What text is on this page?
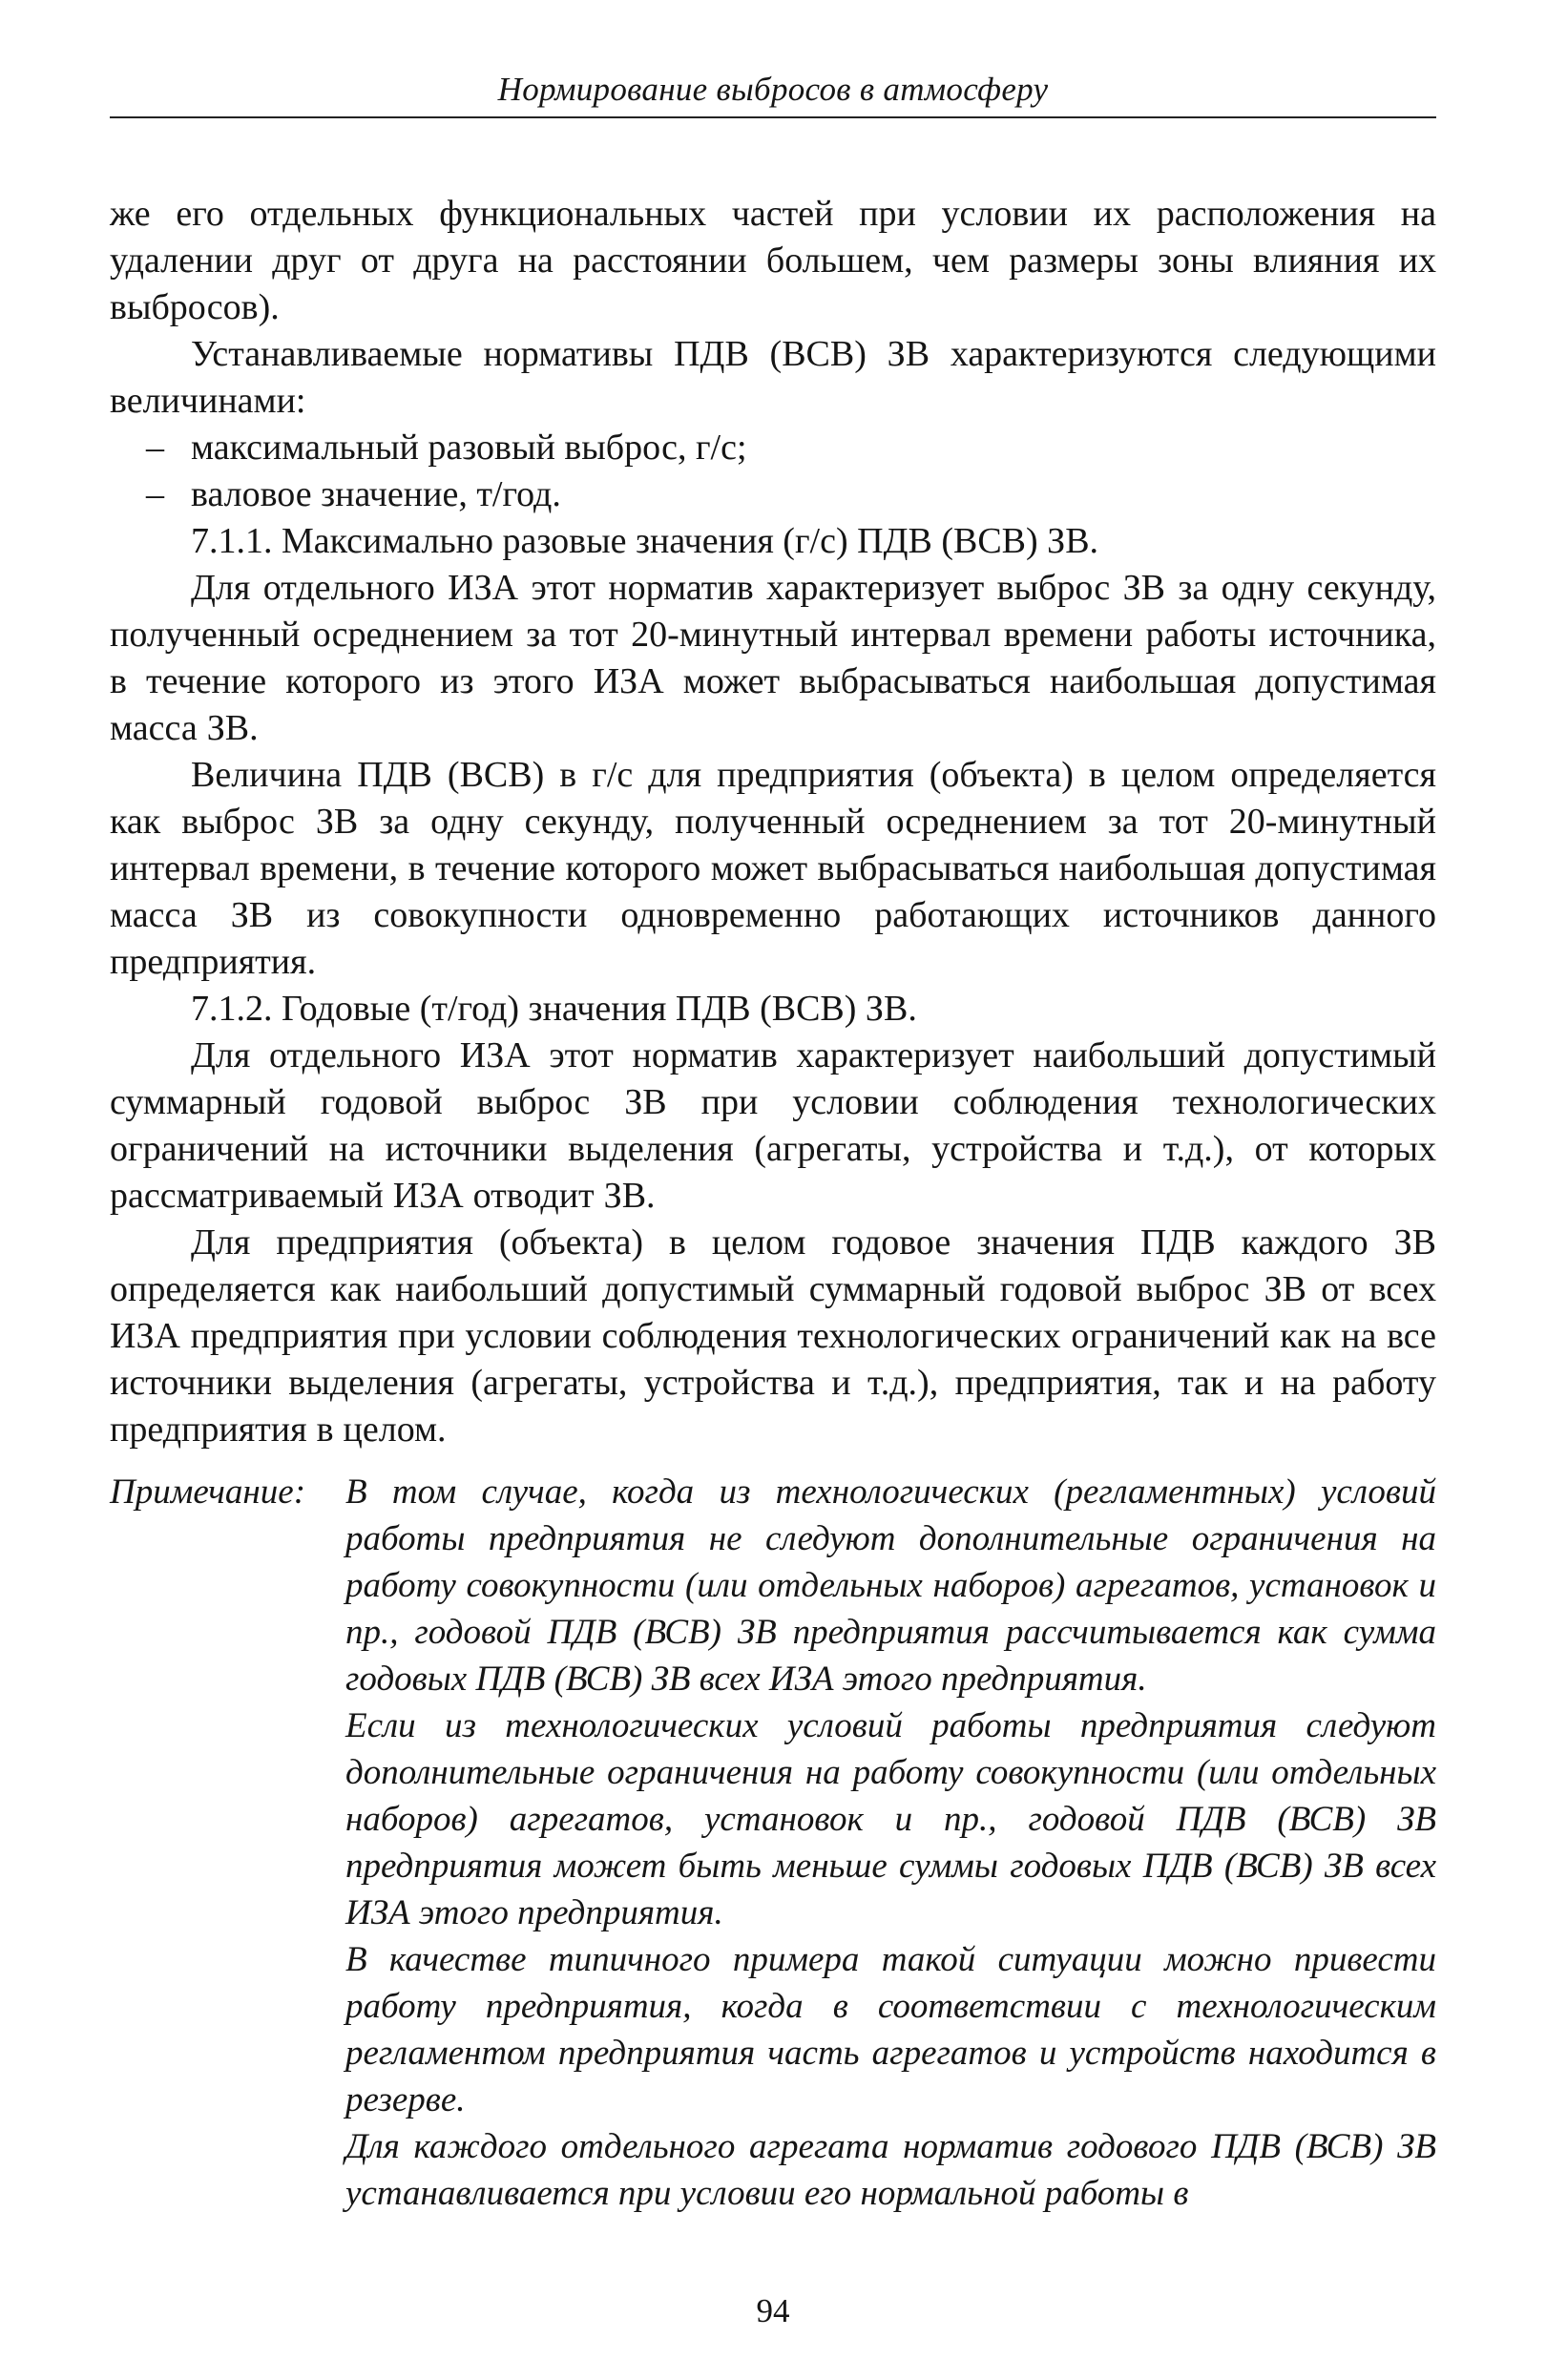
Нормирование выбросов в атмосферу

же его отдельных функциональных частей при условии их расположения на удалении друг от друга на расстоянии большем, чем размеры зоны влияния их выбросов).

Устанавливаемые нормативы ПДВ (ВСВ) ЗВ характеризуются следующими величинами:

– максимальный разовый выброс, г/с;

– валовое значение, т/год.

7.1.1. Максимально разовые значения (г/с) ПДВ (ВСВ) ЗВ.

Для отдельного ИЗА этот норматив характеризует выброс ЗВ за одну секунду, полученный осреднением за тот 20-минутный интервал времени работы источника, в течение которого из этого ИЗА может выбрасываться наибольшая допустимая масса ЗВ.

Величина ПДВ (ВСВ) в г/с для предприятия (объекта) в целом определяется как выброс ЗВ за одну секунду, полученный осреднением за тот 20-минутный интервал времени, в течение которого может выбрасываться наибольшая допустимая масса ЗВ из совокупности одновременно работающих источников данного предприятия.

7.1.2. Годовые (т/год) значения ПДВ (ВСВ) ЗВ.

Для отдельного ИЗА этот норматив характеризует наибольший допустимый суммарный годовой выброс ЗВ при условии соблюдения технологических ограничений на источники выделения (агрегаты, устройства и т.д.), от которых рассматриваемый ИЗА отводит ЗВ.

Для предприятия (объекта) в целом годовое значения ПДВ каждого ЗВ определяется как наибольший допустимый суммарный годовой выброс ЗВ от всех ИЗА предприятия при условии соблюдения технологических ограничений как на все источники выделения (агрегаты, устройства и т.д.), предприятия, так и на работу предприятия в целом.

Примечание:	В том случае, когда из технологических (регламентных) условий работы предприятия не следуют дополнительные ограничения на работу совокупности (или отдельных наборов) агрегатов, установок и пр., годовой ПДВ (ВСВ) ЗВ предприятия рассчитывается как сумма годовых ПДВ (ВСВ) ЗВ всех ИЗА этого предприятия.

Если из технологических условий работы предприятия следуют дополнительные ограничения на работу совокупности (или отдельных наборов) агрегатов, установок и пр., годовой ПДВ (ВСВ) ЗВ предприятия может быть меньше суммы годовых ПДВ (ВСВ) ЗВ всех ИЗА этого предприятия.

В качестве типичного примера такой ситуации можно привести работу предприятия, когда в соответствии с технологическим регламентом предприятия часть агрегатов и устройств находится в резерве.

Для каждого отдельного агрегата норматив годового ПДВ (ВСВ) ЗВ устанавливается при условии его нормальной работы в

94
